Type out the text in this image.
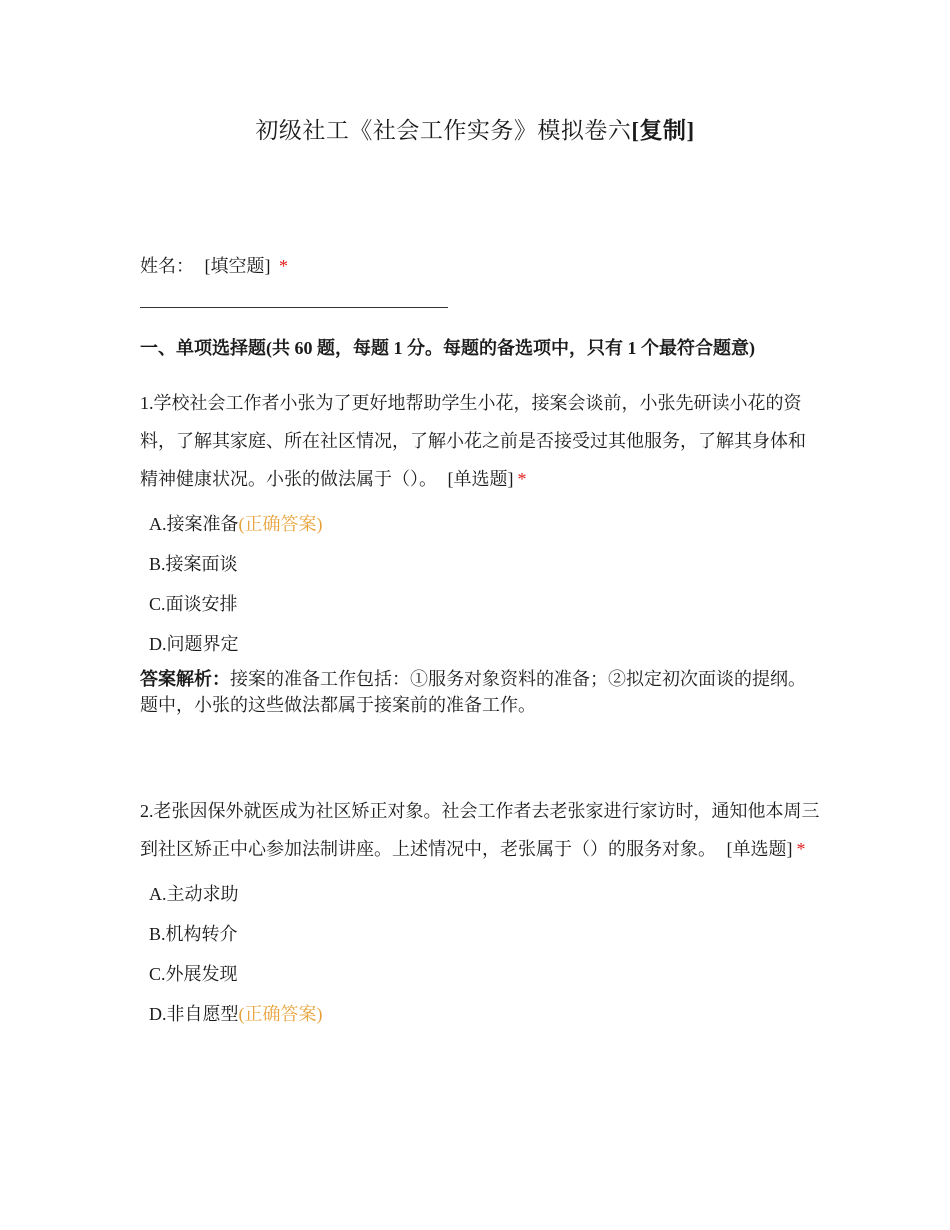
初级社工《社会工作实务》模拟卷六[复制]
姓名： [填空题] *
一、单项选择题(共 60 题，每题 1 分。每题的备选项中，只有 1 个最符合题意)

1.学校社会工作者小张为了更好地帮助学生小花，接案会谈前，小张先研读小花的资料，了解其家庭、所在社区情况，了解小花之前是否接受过其他服务，了解其身体和精神健康状况。小张的做法属于（）。 [单选题] *

A.接案准备(正确答案)
B.接案面谈
C.面谈安排
D.问题界定

答案解析：接案的准备工作包括：①服务对象资料的准备；②拟定初次面谈的提纲。题中，小张的这些做法都属于接案前的准备工作。

2.老张因保外就医成为社区矫正对象。社会工作者去老张家进行家访时，通知他本周三到社区矫正中心参加法制讲座。上述情况中，老张属于（）的服务对象。 [单选题] *

A.主动求助
B.机构转介
C.外展发现
D.非自愿型(正确答案)
